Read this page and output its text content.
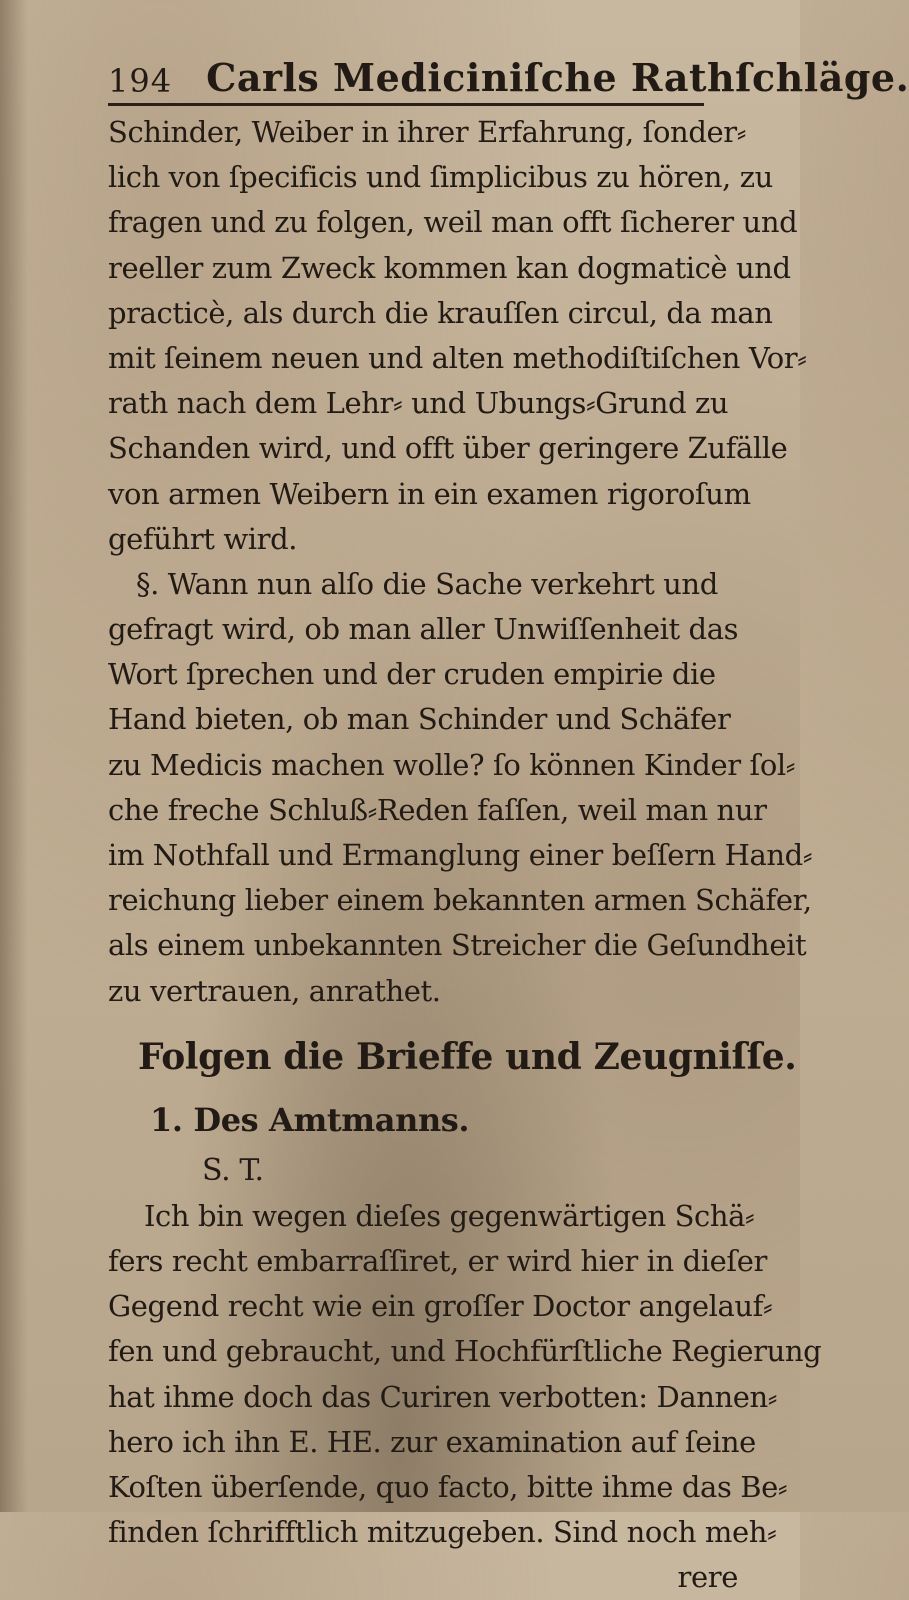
194 Carls Mediciniſche Rathſchläge.
Schinder, Weiber in ihrer Erfahrung, ſonder⸗
lich von ſpecificis und ſimplicibus zu hören, zu
fragen und zu folgen, weil man offt ſicherer und
reeller zum Zweck kommen kan dogmaticè und
practicè, als durch die krauſſen circul, da man
mit ſeinem neuen und alten methodiſtiſchen Vor⸗
rath nach dem Lehr⸗ und Ubungs⸗Grund zu
Schanden wird, und offt über geringere Zufälle
von armen Weibern in ein examen rigoroſum
geführt wird.
§. Wann nun alſo die Sache verkehrt und
gefragt wird, ob man aller Unwiſſenheit das
Wort ſprechen und der cruden empirie die
Hand bieten, ob man Schinder und Schäfer
zu Medicis machen wolle? ſo können Kinder ſol⸗
che freche Schluß⸗Reden faſſen, weil man nur
im Nothfall und Ermanglung einer beſſern Hand⸗
reichung lieber einem bekannten armen Schäfer,
als einem unbekannten Streicher die Geſundheit
zu vertrauen, anrathet.
Folgen die Brieffe und Zeugniſſe.
1. Des Amtmanns.
S. T.
Ich bin wegen dieſes gegenwärtigen Schä⸗
fers recht embarraſſiret, er wird hier in dieſer
Gegend recht wie ein groſſer Doctor angelauf⸗
fen und gebraucht, und Hochfürſtliche Regierung
hat ihme doch das Curiren verbotten: Dannen⸗
hero ich ihn E. HE. zur examination auf ſeine
Koſten überſende, quo facto, bitte ihme das Be⸗
finden ſchrifftlich mitzugeben. Sind noch meh⸗
rere
